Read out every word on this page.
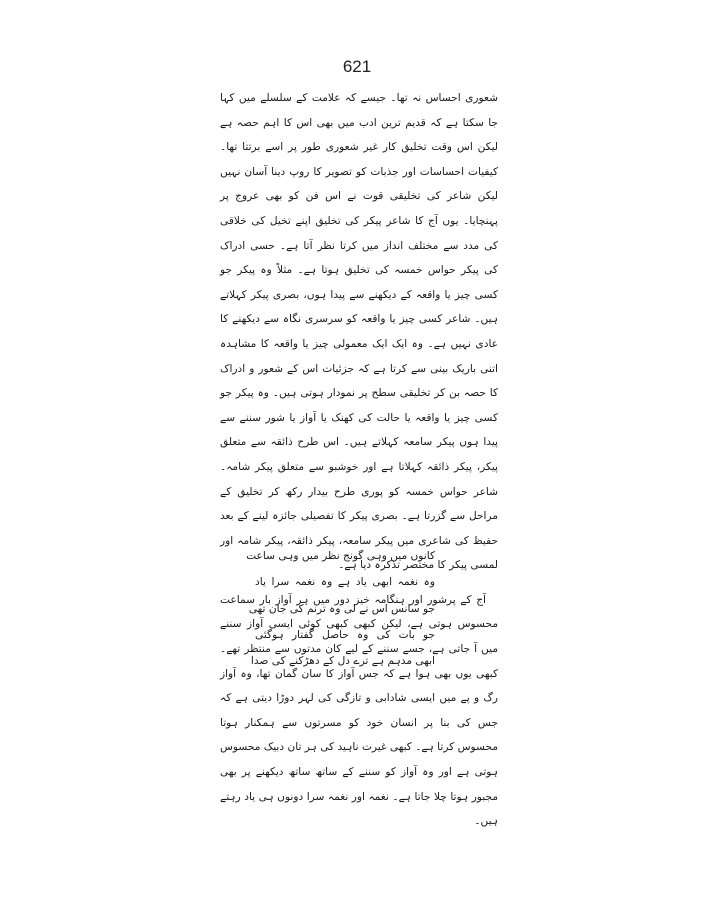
621

شعوری احساس نہ تھا۔ جیسے کہ علامت کے سلسلے میں کہا جا سکتا ہے کہ قدیم ترین ادب میں بھی اس کا اہم حصہ ہے لیکن اس وقت تخلیق کار غیر شعوری طور پر اسے برتتا تھا۔ کیفیات احساسات اور جذبات کو تصویر کا روپ دینا آسان نہیں لیکن شاعر کی تخلیقی قوت نے اس فن کو بھی عروج پر پہنچایا۔ یوں آج کا شاعر پیکر کی تخلیق اپنے تخیل کی خلاقی کی مدد سے مختلف انداز میں کرتا نظر آتا ہے۔ حسی ادراک کی پیکر حواس خمسہ کی تخلیق ہوتا ہے۔ مثلاً وہ پیکر جو کسی چیز یا واقعہ کے دیکھنے سے پیدا ہوں، بصری پیکر کہلاتے ہیں۔ شاعر کسی چیز یا واقعہ کو سرسری نگاہ سے دیکھنے کا عادی نہیں ہے۔ وہ ایک ایک معمولی چیز یا واقعہ کا مشاہدہ اتنی باریک بینی سے کرتا ہے کہ جزئیات اس کے شعور و ادراک کا حصہ بن کر تخلیقی سطح پر نمودار ہوتی ہیں۔ وہ پیکر جو کسی چیز یا واقعہ یا حالت کی کھنک یا آواز یا شور سننے سے پیدا ہوں پیکر سامعہ کہلاتے ہیں۔ اس طرح ذائقہ سے متعلق پیکر، پیکر ذائقہ کہلاتا ہے اور خوشبو سے متعلق پیکر شامہ۔ شاعر حواس خمسہ کو پوری طرح بیدار رکھ کر تخلیق کے مراحل سے گزرتا ہے۔ بصری پیکر کا تفصیلی جائزہ لینے کے بعد حفیظ کی شاعری میں پیکر سامعہ، پیکر ذائقہ، پیکر شامہ اور لمسی پیکر کا مختصر تذکرہ دیا ہے۔

آج کے پرشور اور ہنگامہ خیز دور میں ہر آواز بار سماعت محسوس ہوتی ہے، لیکن کبھی کبھی کوئی ایسی آواز سننے میں آ جاتی ہے، جسے سننے کے لیے کان مدتوں سے منتظر تھے۔ کبھی یوں بھی ہوا ہے کہ جس آواز کا سان گمان تھا، وہ آواز رگ و پے میں ایسی شادابی و تازگی کی لہر دوڑا دیتی ہے کہ جس کی بنا پر انسان خود کو مسرتوں سے ہمکنار ہوتا محسوس کرتا ہے۔ کبھی غیرت ناہید کی ہر تان دبیک محسوس ہوتی ہے اور وہ آواز کو سننے کے ساتھ ساتھ دیکھنے پر بھی مجبور ہوتا چلا جاتا ہے۔ نغمہ اور نغمہ سرا دونوں ہی یاد رہتے ہیں۔

کانوں میں وہی گونج نظر میں وہی ساعت
وہ نغمہ ابھی یاد ہے وہ نغمہ سرا یاد
جو سانس اس نے لی وہ ترنم کی جان تھی
جو بات کی وہ حاصل گفتار ہوگئی
ابھی مدہم ہے ترے دل کے دھڑکنے کی صدا
